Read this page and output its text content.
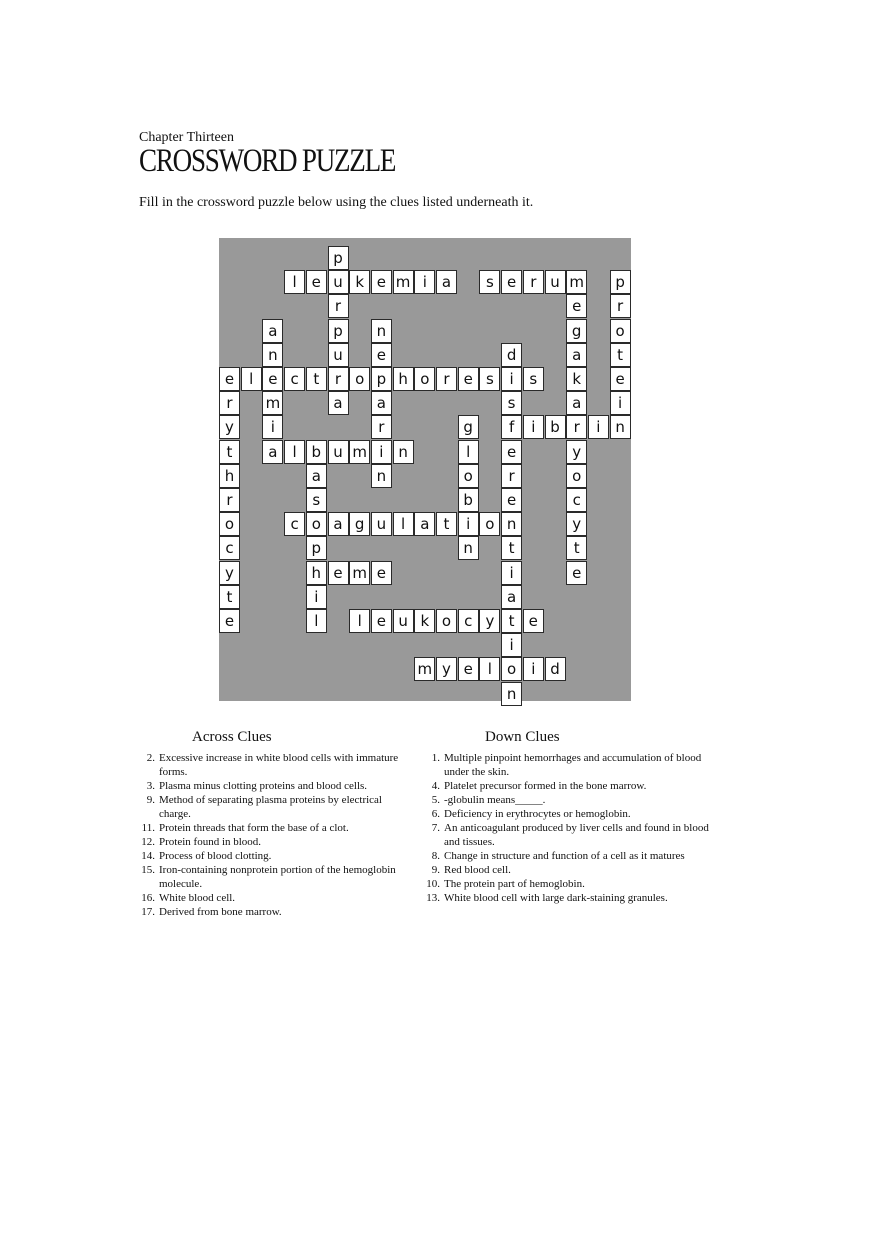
Chapter Thirteen
CROSSWORD PUZZLE
Fill in the crossword puzzle below using the clues listed underneath it.
p
l	e u k e m i	a	s e r u m	p
r	e	r
a	p	n	g	o
n	u	e	d	a	t
e l	e c t	r o p h o r e s	i	s	k	e
r	m	a	a	s	a	i
y	i	r	g	f	i b r	i n
t	a	l b u m i n	l	e	y
h	a	n	o	r	o
r	s	b	e	c
o	c o a g u l	a t	i	o n	y
c	p	n	t	t
y	h e m e	i	e
t	i	a
e	l	l	e u k o c y t e
i
m y e	l	o	i d
n
Across Clues	Down Clues
2. Excessive increase in white blood cells with immature forms.
3. Plasma minus clotting proteins and blood cells.
9. Method of separating plasma proteins by electrical charge.
11. Protein threads that form the base of a clot.
12. Protein found in blood.
14. Process of blood clotting.
15. Iron-containing nonprotein portion of the hemoglobin molecule.
16. White blood cell.
17. Derived from bone marrow.
1. Multiple pinpoint hemorrhages and accumulation of blood under the skin.
4. Platelet precursor formed in the bone marrow.
5. -globulin means_____.
6. Deficiency in erythrocytes or hemoglobin.
7. An anticoagulant produced by liver cells and found in blood and tissues.
8. Change in structure and function of a cell as it matures
9. Red blood cell.
10. The protein part of hemoglobin.
13. White blood cell with large dark-staining granules.
